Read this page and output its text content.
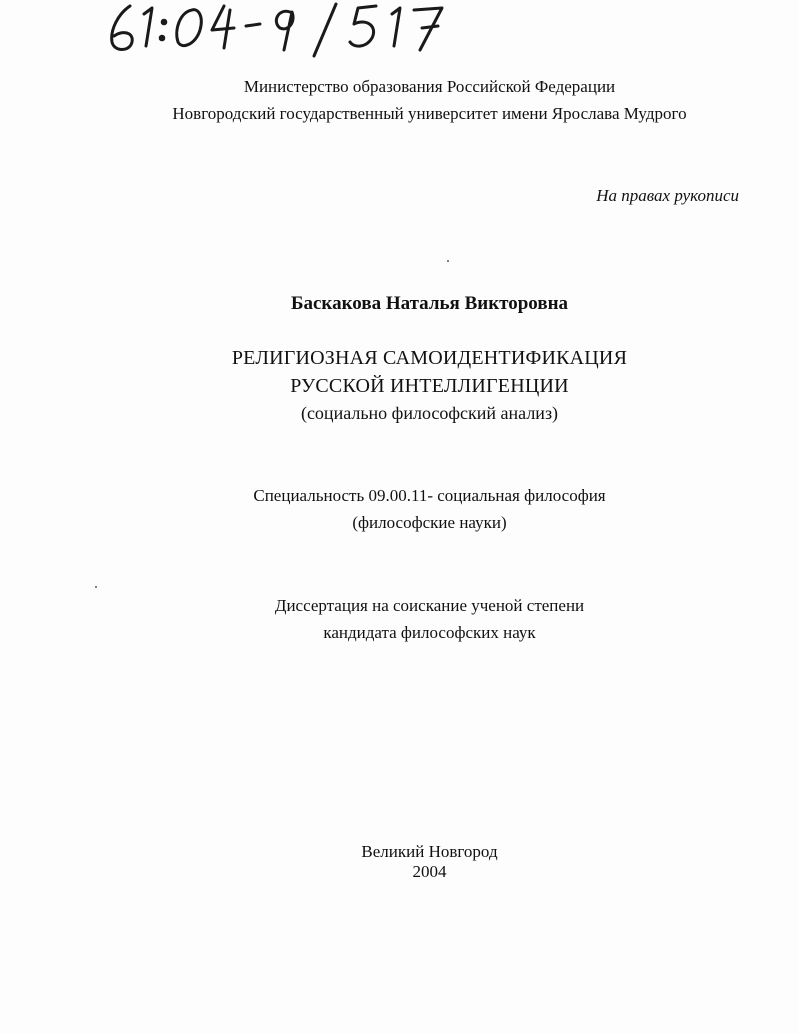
Министерство образования Российской Федерации
Новгородский государственный университет имени Ярослава Мудрого
На правах рукописи
Баскакова Наталья Викторовна
РЕЛИГИОЗНАЯ САМОИДЕНТИФИКАЦИЯ
РУССКОЙ ИНТЕЛЛИГЕНЦИИ
(социально философский анализ)
Специальность 09.00.11- социальная философия
(философские науки)
Диссертация на соискание ученой степени
кандидата философских наук
Великий Новгород
2004
